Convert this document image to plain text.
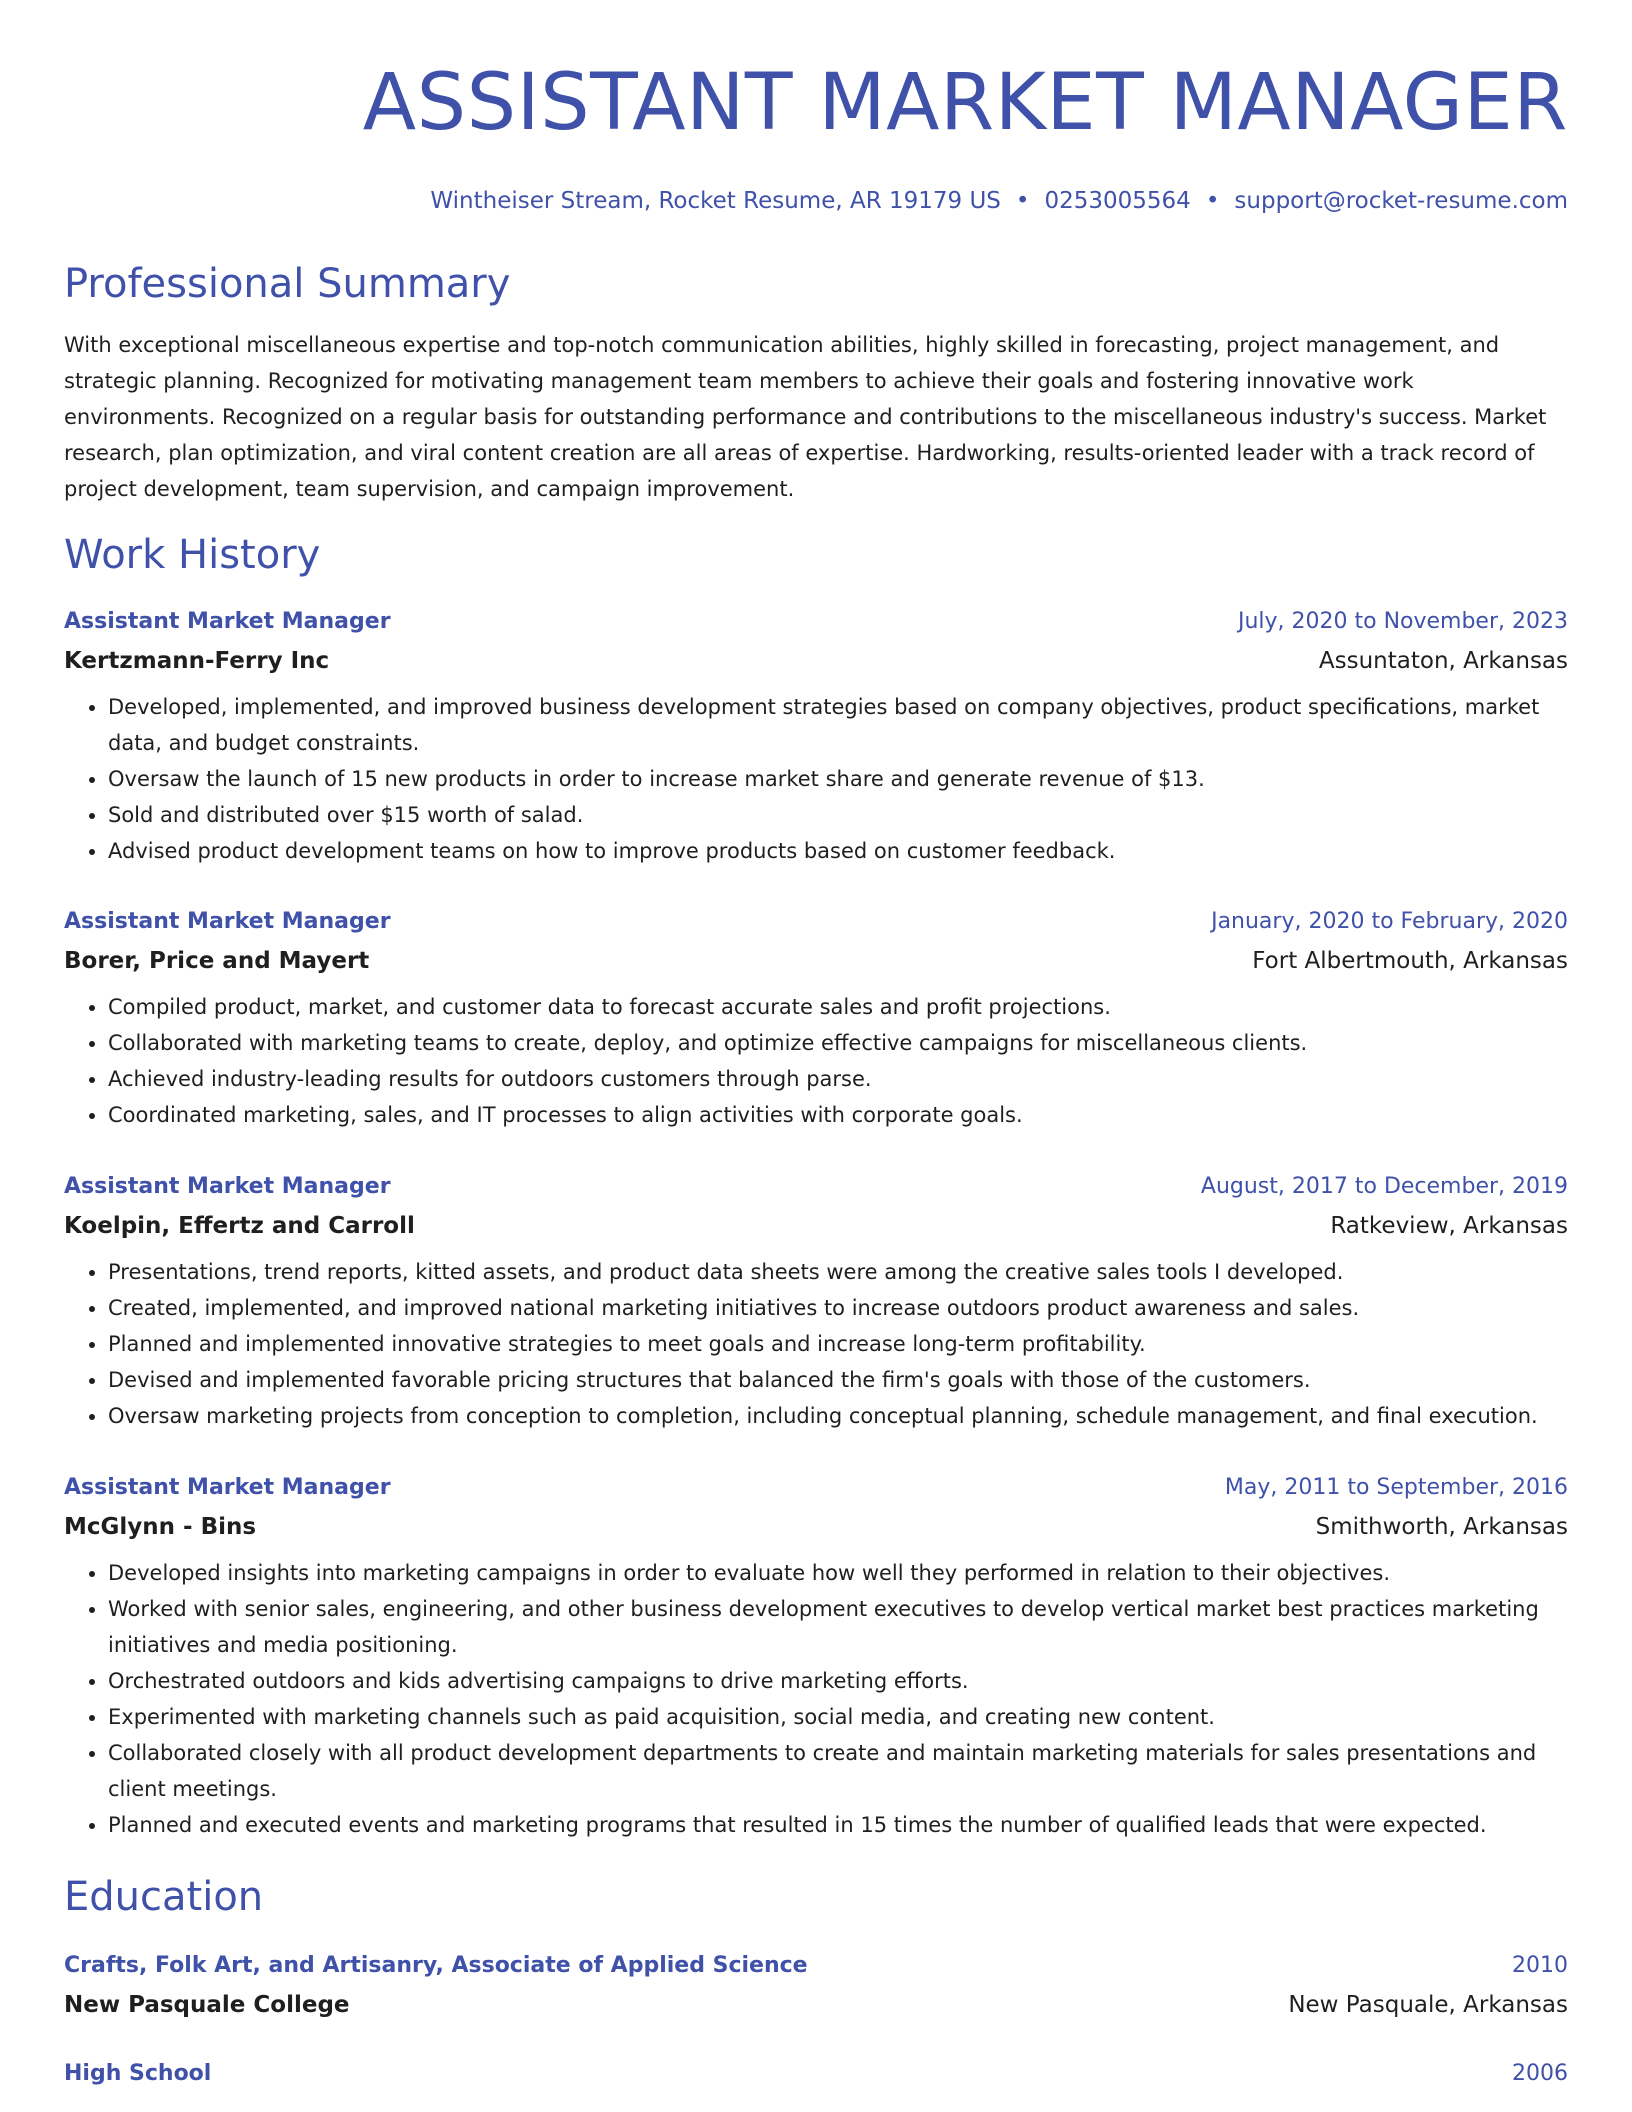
ASSISTANT MARKET MANAGER
Wintheiser Stream, Rocket Resume, AR 19179 US • 0253005564 • support@rocket-resume.com
Professional Summary
With exceptional miscellaneous expertise and top-notch communication abilities, highly skilled in forecasting, project management, and strategic planning. Recognized for motivating management team members to achieve their goals and fostering innovative work environments. Recognized on a regular basis for outstanding performance and contributions to the miscellaneous industry's success. Market research, plan optimization, and viral content creation are all areas of expertise. Hardworking, results-oriented leader with a track record of project development, team supervision, and campaign improvement.
Work History
Assistant Market Manager	July, 2020 to November, 2023
Kertzmann-Ferry Inc	Assuntaton, Arkansas
• Developed, implemented, and improved business development strategies based on company objectives, product specifications, market data, and budget constraints.
• Oversaw the launch of 15 new products in order to increase market share and generate revenue of $13.
• Sold and distributed over $15 worth of salad.
• Advised product development teams on how to improve products based on customer feedback.
Assistant Market Manager	January, 2020 to February, 2020
Borer, Price and Mayert	Fort Albertmouth, Arkansas
• Compiled product, market, and customer data to forecast accurate sales and profit projections.
• Collaborated with marketing teams to create, deploy, and optimize effective campaigns for miscellaneous clients.
• Achieved industry-leading results for outdoors customers through parse.
• Coordinated marketing, sales, and IT processes to align activities with corporate goals.
Assistant Market Manager	August, 2017 to December, 2019
Koelpin, Effertz and Carroll	Ratkeview, Arkansas
• Presentations, trend reports, kitted assets, and product data sheets were among the creative sales tools I developed.
• Created, implemented, and improved national marketing initiatives to increase outdoors product awareness and sales.
• Planned and implemented innovative strategies to meet goals and increase long-term profitability.
• Devised and implemented favorable pricing structures that balanced the firm's goals with those of the customers.
• Oversaw marketing projects from conception to completion, including conceptual planning, schedule management, and final execution.
Assistant Market Manager	May, 2011 to September, 2016
McGlynn - Bins	Smithworth, Arkansas
• Developed insights into marketing campaigns in order to evaluate how well they performed in relation to their objectives.
• Worked with senior sales, engineering, and other business development executives to develop vertical market best practices marketing initiatives and media positioning.
• Orchestrated outdoors and kids advertising campaigns to drive marketing efforts.
• Experimented with marketing channels such as paid acquisition, social media, and creating new content.
• Collaborated closely with all product development departments to create and maintain marketing materials for sales presentations and client meetings.
• Planned and executed events and marketing programs that resulted in 15 times the number of qualified leads that were expected.
Education
Crafts, Folk Art, and Artisanry, Associate of Applied Science	2010
New Pasquale College	New Pasquale, Arkansas
High School	2006
